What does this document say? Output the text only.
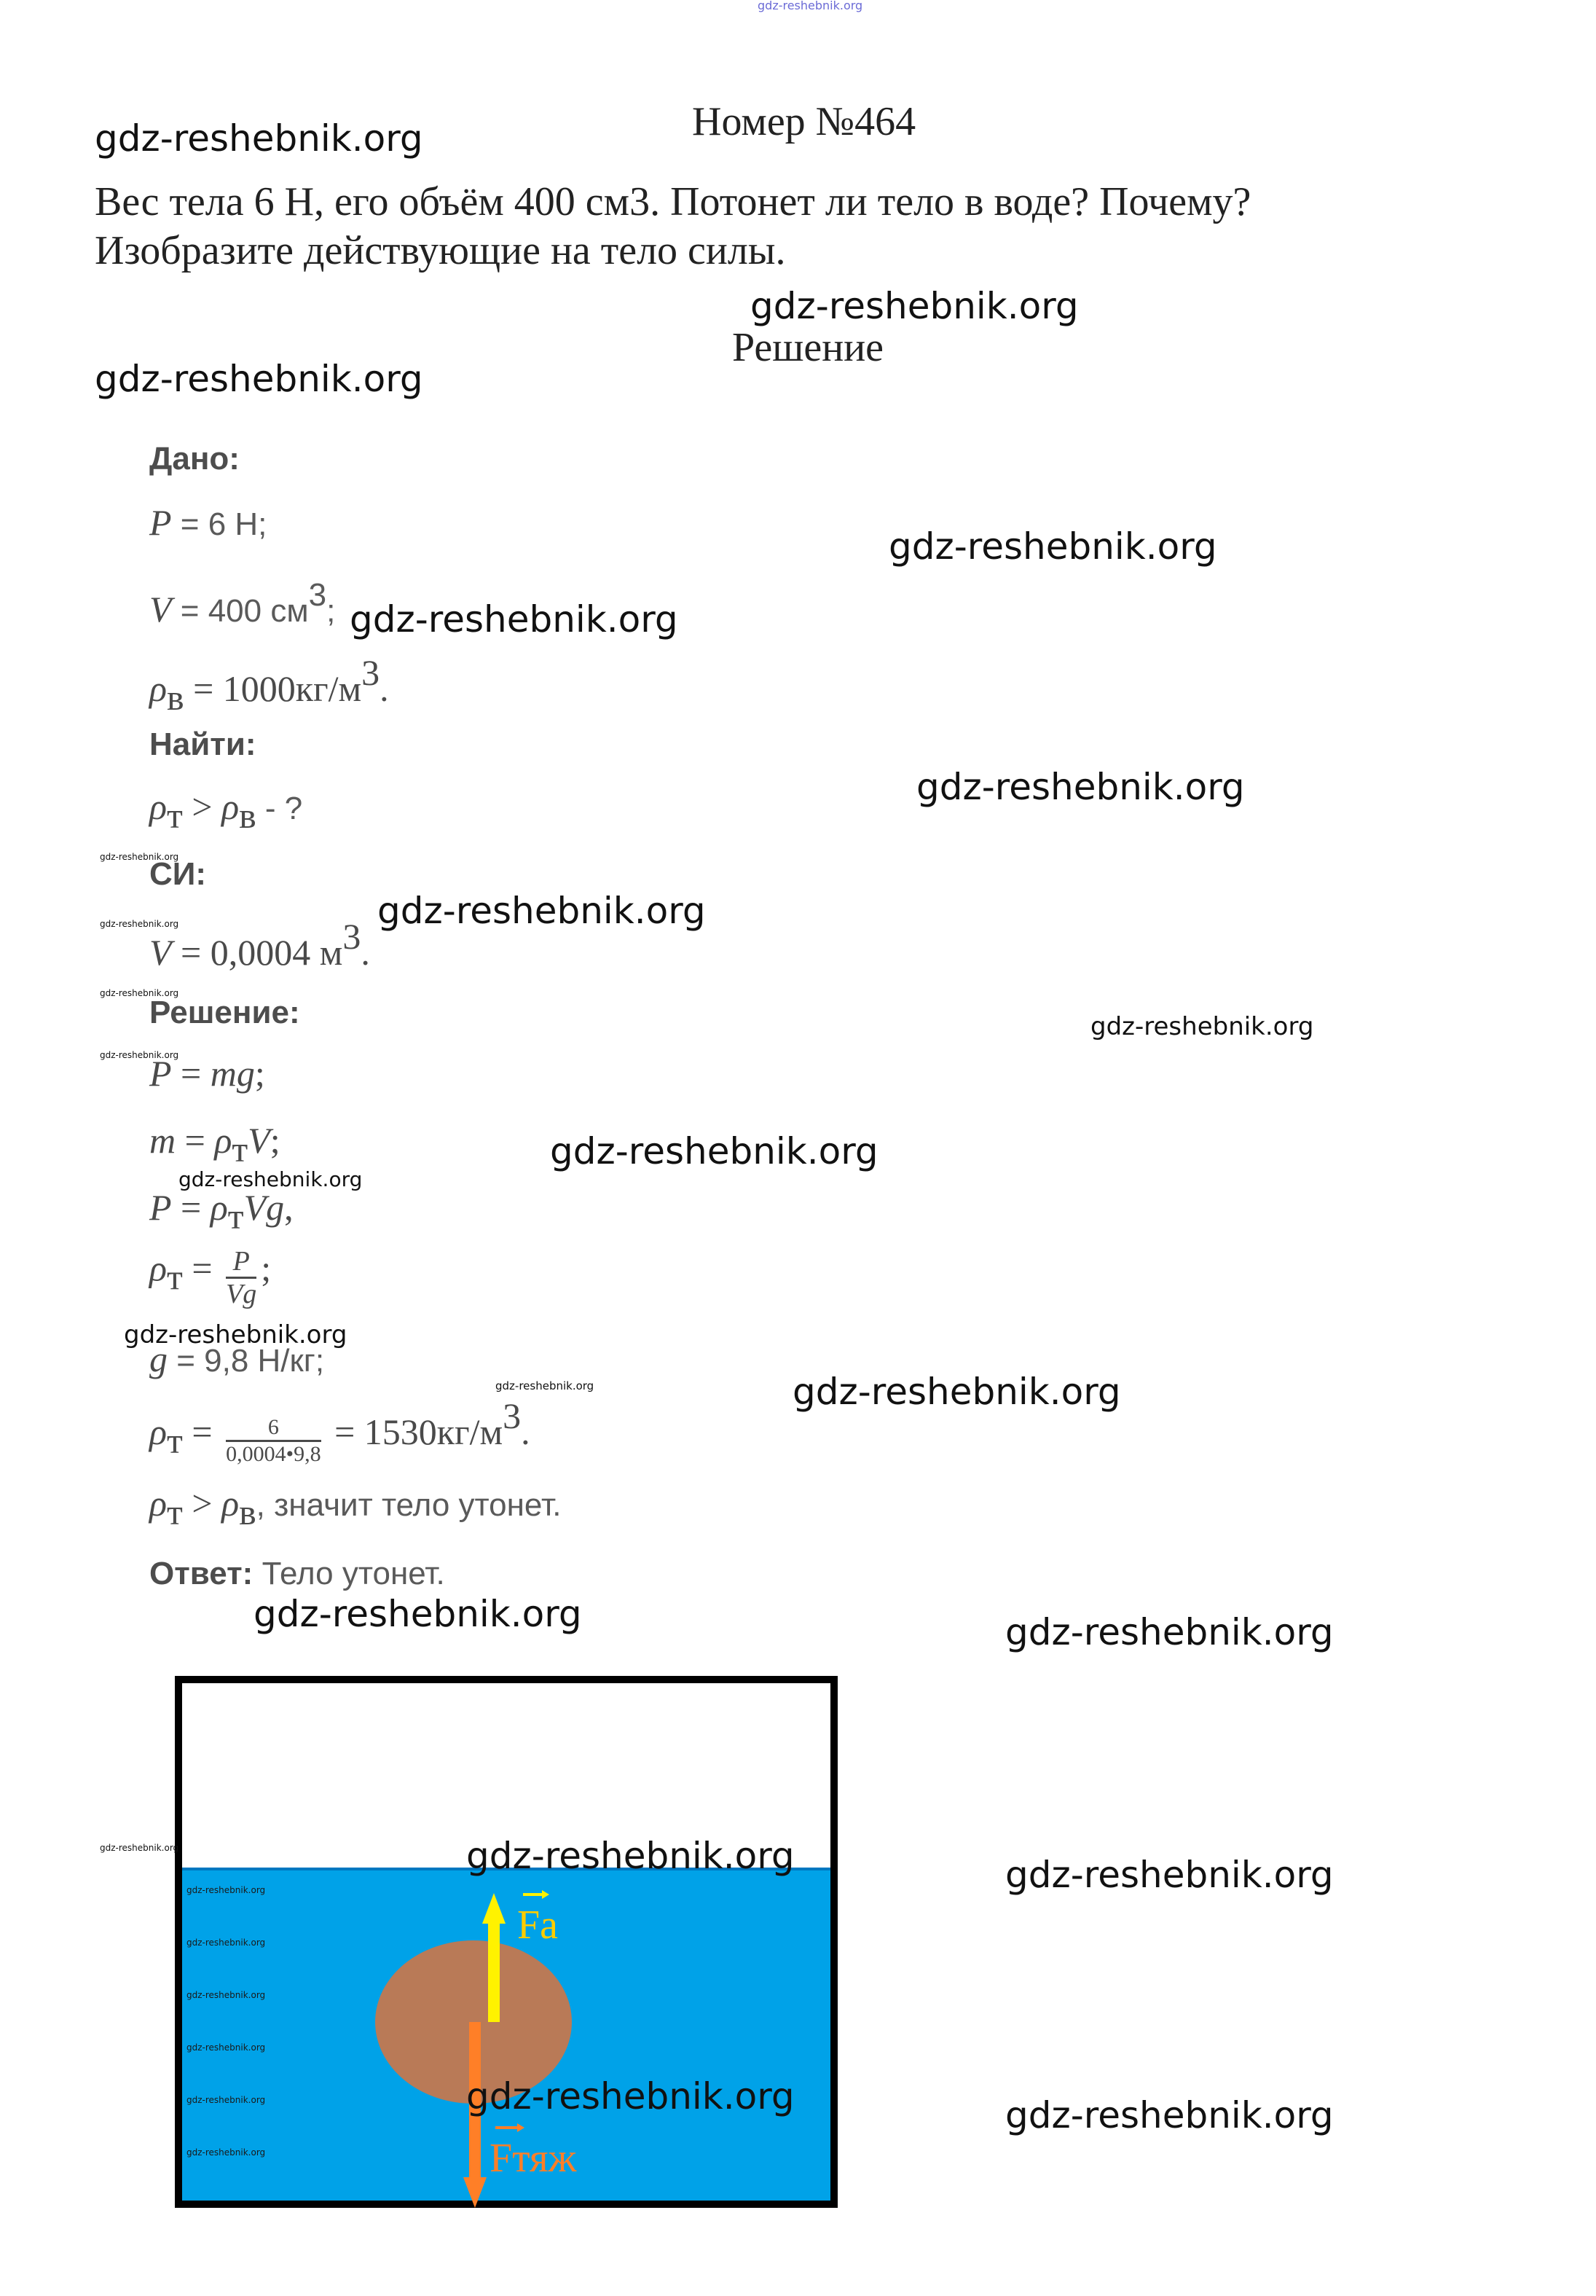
gdz-reshebnik.org
Номер №464
Вес тела 6 Н, его объём 400 см3. Потонет ли тело в воде? Почему?
Изобразите действующие на тело силы.
Решение
Дано:
P = 6 Н;
V = 400 см3;
ρв = 1000кг/м3.
Найти:
ρт > ρв - ?
СИ:
V = 0,0004 м3.
Решение:
P = mg;
m = ρтV;
P = ρтVg,
$\rho т = \frac{P}{Vg}$ ;
g = 9,8 Н/кг;
$\rho т = \frac{6}{0,0004•9,8} = 1530кг/м3$.
ρт > ρв, значит тело утонет.
Ответ: Тело утонет.
Fa
Fтяж
gdz-reshebnik.org
gdz-reshebnik.org
gdz-reshebnik.org
gdz-reshebnik.org
gdz-reshebnik.org
gdz-reshebnik.org
gdz-reshebnik.org
gdz-reshebnik.org
gdz-reshebnik.org
gdz-reshebnik.org
gdz-reshebnik.org
gdz-reshebnik.org
gdz-reshebnik.org
gdz-reshebnik.org
gdz-reshebnik.org
gdz-reshebnik.org	gdz-reshebnik.org
gdz-reshebnik.org	gdz-reshebnik.org
gdz-reshebnik.org	gdz-reshebnik.org
gdz-reshebnik.org
gdz-reshebnik.org
gdz-reshebnik.org
gdz-reshebnik.org
gdz-reshebnik.org
gdz-reshebnik.org
gdz-reshebnik.org
gdz-reshebnik.org
gdz-reshebnik.org
